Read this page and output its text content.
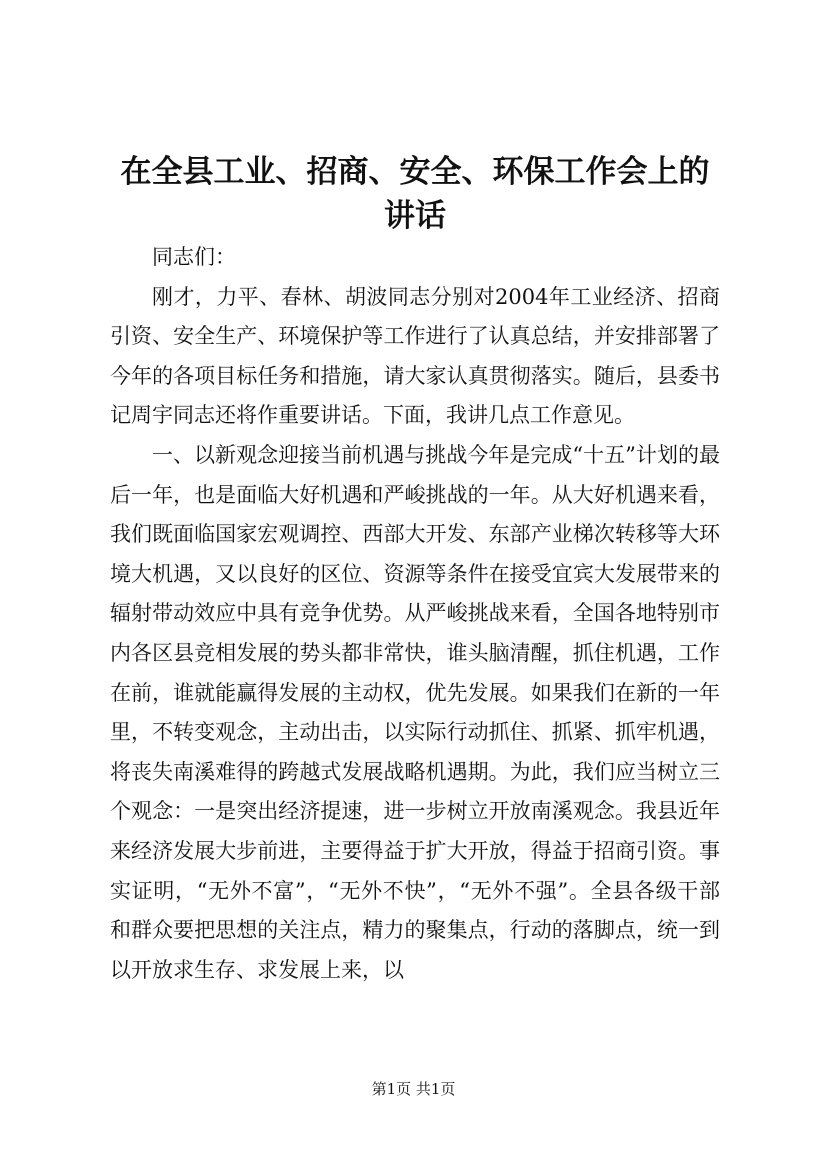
在全县工业、招商、安全、环保工作会上的讲话

同志们：

刚才，力平、春林、胡波同志分别对2004年工业经济、招商引资、安全生产、环境保护等工作进行了认真总结，并安排部署了今年的各项目标任务和措施，请大家认真贯彻落实。随后，县委书记周宇同志还将作重要讲话。下面，我讲几点工作意见。

一、以新观念迎接当前机遇与挑战今年是完成“十五”计划的最后一年，也是面临大好机遇和严峻挑战的一年。从大好机遇来看，我们既面临国家宏观调控、西部大开发、东部产业梯次转移等大环境大机遇，又以良好的区位、资源等条件在接受宜宾大发展带来的辐射带动效应中具有竞争优势。从严峻挑战来看，全国各地特别市内各区县竞相发展的势头都非常快，谁头脑清醒，抓住机遇，工作在前，谁就能赢得发展的主动权，优先发展。如果我们在新的一年里，不转变观念，主动出击，以实际行动抓住、抓紧、抓牢机遇，将丧失南溪难得的跨越式发展战略机遇期。为此，我们应当树立三个观念：一是突出经济提速，进一步树立开放南溪观念。我县近年来经济发展大步前进，主要得益于扩大开放，得益于招商引资。事实证明，“无外不富”，“无外不快”，“无外不强”。全县各级干部和群众要把思想的关注点，精力的聚集点，行动的落脚点，统一到以开放求生存、求发展上来，以

第1页 共1页
